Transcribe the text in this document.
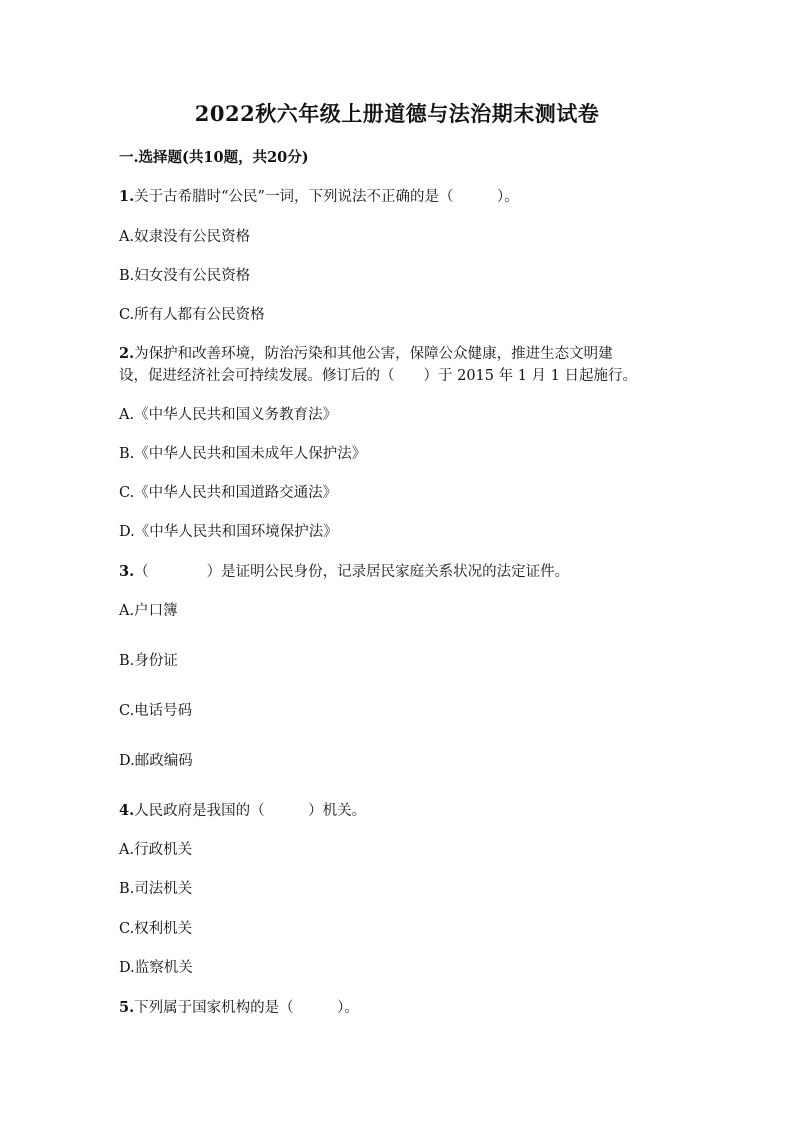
2022秋六年级上册道德与法治期末测试卷
一.选择题(共10题，共20分)
1.关于古希腊时“公民”一词，下列说法不正确的是（　　　）。
A.奴隶没有公民资格
B.妇女没有公民资格
C.所有人都有公民资格
2.为保护和改善环境，防治污染和其他公害，保障公众健康，推进生态文明建
设，促进经济社会可持续发展。修订后的（　　）于 2015 年 1 月 1 日起施行。
A.《中华人民共和国义务教育法》
B.《中华人民共和国未成年人保护法》
C.《中华人民共和国道路交通法》
D.《中华人民共和国环境保护法》
3.（　　　　）是证明公民身份，记录居民家庭关系状况的法定证件。
A.户口簿
B.身份证
C.电话号码
D.邮政编码
4.人民政府是我国的（　　　）机关。
A.行政机关
B.司法机关
C.权利机关
D.监察机关
5.下列属于国家机构的是（　　　）。
